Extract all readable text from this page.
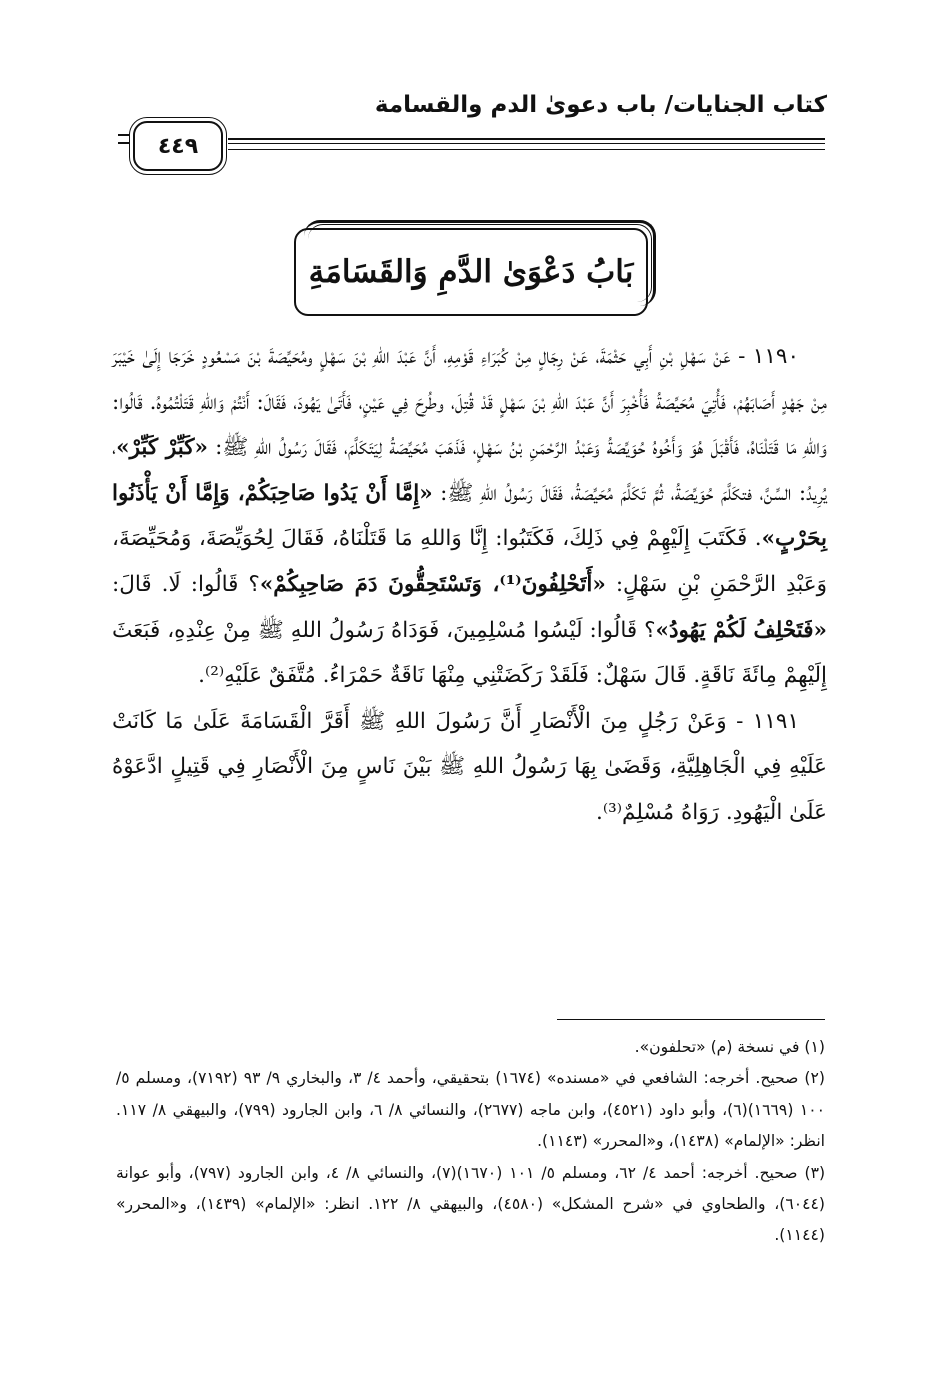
كتاب الجنايات/ باب دعوىٰ الدم والقسامة
٤٤٩
بَابُ دَعْوَىٰ الدَّمِ وَالقَسَامَةِ

١١٩٠ - عَنْ سَهْلِ بْنِ أَبِي حَثْمَةَ، عَنْ رِجَالٍ مِنْ كُبَرَاءِ قَوْمِهِ، أَنَّ عَبْدَ اللهِ بْنَ سَهْلٍ ومُحَيِّصَةَ بْنَ مَسْعُودٍ خَرَجَا إِلَىٰ خَيْبَرَ مِنْ جَهْدٍ أَصَابَهُمْ، فَأُتِيَ مُحَيِّصَةُ فَأُخْبِرَ أَنَّ عَبْدَ اللهِ بْنَ سَهْلٍ قَدْ قُتِلَ، وطُرِحَ فِي عَيْنٍ، فَأَتَىٰ يَهُودَ، فَقَالَ: أَنْتُمْ وَاللهِ قَتَلْتُمُوهُ. قَالُوا: وَاللهِ مَا قَتَلْنَاهُ، فَأَقْبَلَ هُوَ وَأَخُوهُ حُوَيِّصَةُ وَعَبْدُ الرَّحْمَنِ بْنُ سَهْلٍ، فَذَهَبَ مُحَيِّصَةُ لِيَتَكَلَّمَ، فَقَالَ رَسُولُ اللهِ ﷺ: «كَبِّرْ كَبِّرْ»، يُرِيدُ: السِّنَّ، فتكَلَّمَ حُوَيِّصَةُ، ثُمَّ تَكَلَّمَ مُحَيِّصَةُ، فَقَالَ رَسُولُ اللهِ ﷺ: «إِمَّا أَنْ يَدُوا صَاحِبَكُمْ، وَإِمَّا أَنْ يَأْذَنُوا بِحَرْبٍ». فَكَتَبَ إِلَيْهِمْ فِي ذَلِكَ، فَكَتَبُوا: إِنَّا وَاللهِ مَا قَتَلْنَاهُ، فَقَالَ لِحُوَيِّصَةَ، وَمُحَيِّصَةَ، وَعَبْدِ الرَّحْمَنِ بْنِ سَهْلٍ: «أَتَحْلِفُونَ⁽¹⁾، وَتَسْتَحِقُّونَ دَمَ صَاحِبِكُمْ»؟ قَالُوا: لَا. قَالَ: «فَتَحْلِفُ لَكُمْ يَهُودُ»؟ قَالُوا: لَيْسُوا مُسْلِمِينَ، فَوَدَاهُ رَسُولُ اللهِ ﷺ مِنْ عِنْدِهِ، فَبَعَثَ إِلَيْهِمْ مِائَةَ نَاقَةٍ. قَالَ سَهْلٌ: فَلَقَدْ رَكَضَتْنِي مِنْهَا نَاقَةٌ حَمْرَاءُ. مُتَّفَقٌ عَلَيْهِ⁽²⁾.

١١٩١ - وَعَنْ رَجُلٍ مِنَ الْأَنْصَارِ أَنَّ رَسُولَ اللهِ ﷺ أَقَرَّ الْقَسَامَةَ عَلَىٰ مَا كَانَتْ عَلَيْهِ فِي الْجَاهِلِيَّةِ، وَقَضَىٰ بِهَا رَسُولُ اللهِ ﷺ بَيْنَ نَاسٍ مِنَ الْأَنْصَارِ فِي قَتِيلٍ ادَّعَوْهُ عَلَىٰ الْيَهُودِ. رَوَاهُ مُسْلِمٌ⁽³⁾.

(١) في نسخة (م) «تحلفون».

(٢) صحيح. أخرجه: الشافعي في «مسنده» (١٦٧٤) بتحقيقي، وأحمد ٤/ ٣، والبخاري ٩/ ٩٣ (٧١٩٢)، ومسلم ٥/ ١٠٠ (١٦٦٩)(٦)، وأبو داود (٤٥٢١)، وابن ماجه (٢٦٧٧)، والنسائي ٨/ ٦، وابن الجارود (٧٩٩)، والبيهقي ٨/ ١١٧. انظر: «الإلمام» (١٤٣٨)، و«المحرر» (١١٤٣).

(٣) صحيح. أخرجه: أحمد ٤/ ٦٢، ومسلم ٥/ ١٠١ (١٦٧٠)(٧)، والنسائي ٨/ ٤، وابن الجارود (٧٩٧)، وأبو عوانة (٦٠٤٤)، والطحاوي في «شرح المشكل» (٤٥٨٠)، والبيهقي ٨/ ١٢٢. انظر: «الإلمام» (١٤٣٩)، و«المحرر» (١١٤٤).
